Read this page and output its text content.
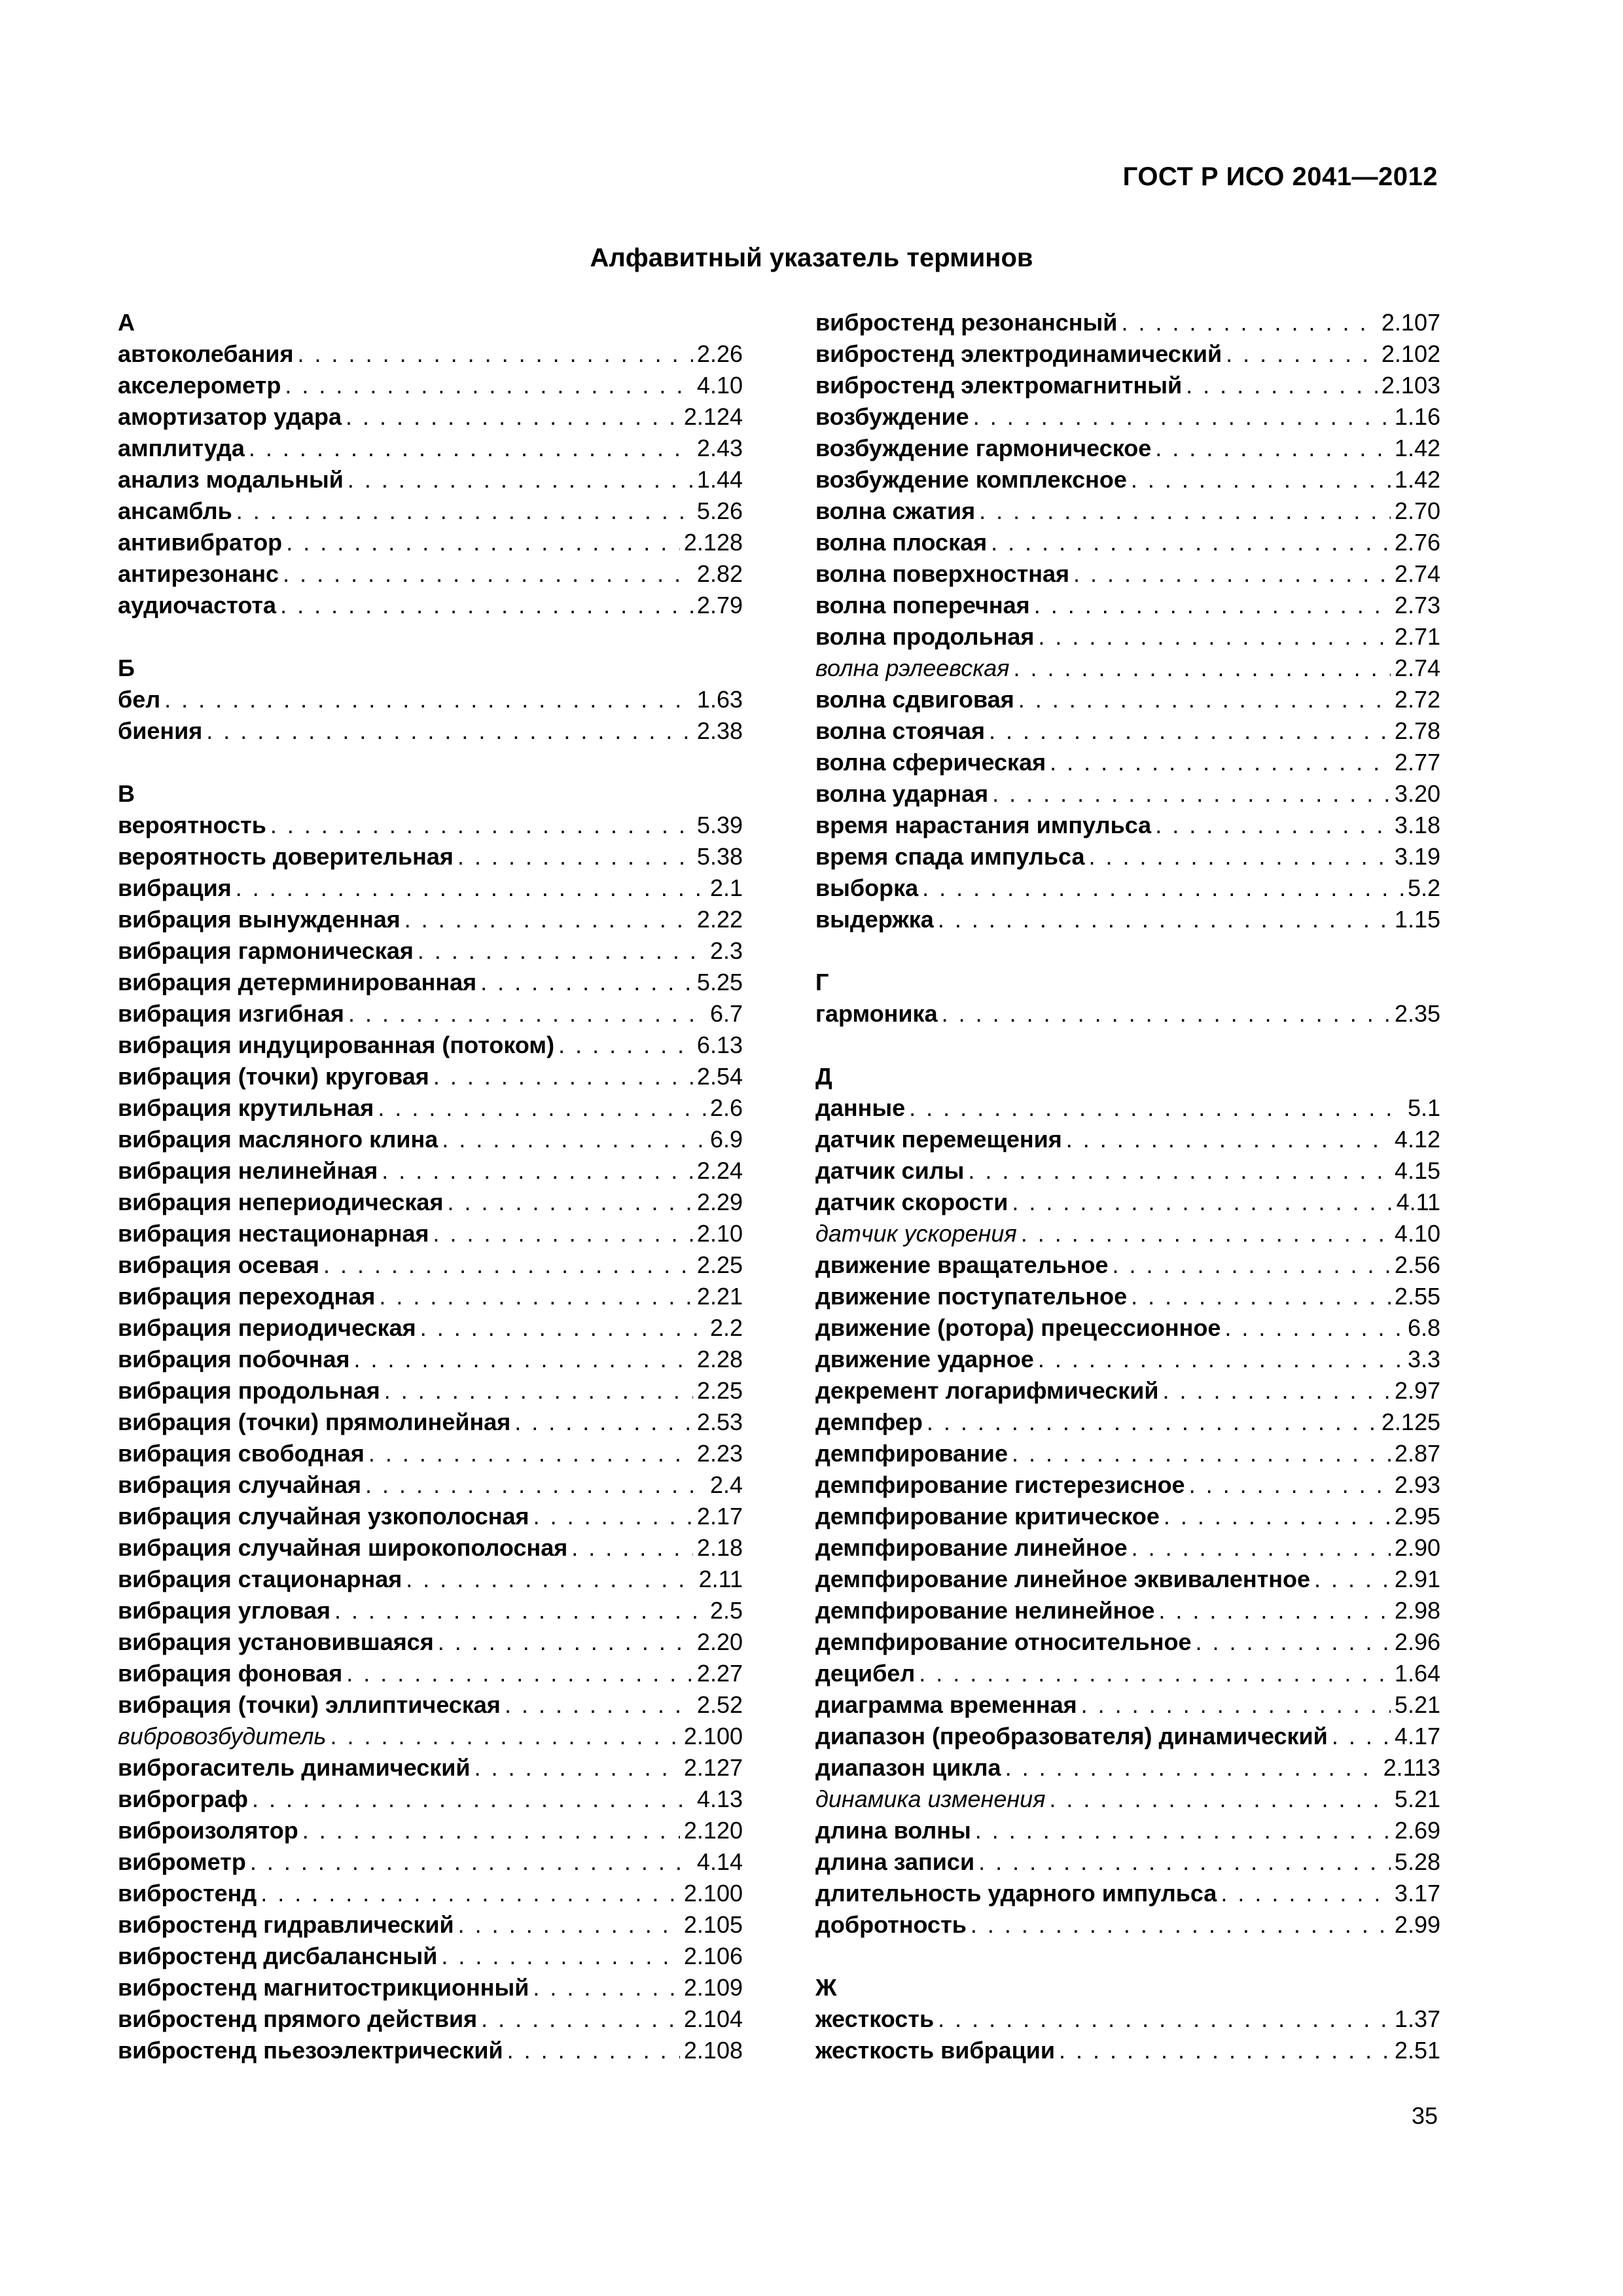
ГОСТ Р ИСО 2041—2012
Алфавитный указатель терминов
А
автоколебания . . .	2.26
акселерометр . . .	4.10
амортизатор удара . . .	2.124
амплитуда . . .	2.43
анализ модальный . . .	1.44
ансамбль . . .	5.26
антивибратор . . .	2.128
антирезонанс . . .	2.82
аудиочастота . . .	2.79
Б
бел . . .	1.63
биения . . .	2.38
В
вероятность . . .	5.39
вероятность доверительная . . .	5.38
вибрация . . .	2.1
вибрация вынужденная . . .	2.22
вибрация гармоническая . . .	2.3
вибрация детерминированная . . .	5.25
вибрация изгибная . . .	6.7
вибрация индуцированная (потоком) . . .	6.13
вибрация (точки) круговая . . .	2.54
вибрация крутильная . . .	2.6
вибрация масляного клина . . .	6.9
вибрация нелинейная . . .	2.24
вибрация непериодическая . . .	2.29
вибрация нестационарная . . .	2.10
вибрация осевая . . .	2.25
вибрация переходная . . .	2.21
вибрация периодическая . . .	2.2
вибрация побочная . . .	2.28
вибрация продольная . . .	2.25
вибрация (точки) прямолинейная . . .	2.53
вибрация свободная . . .	2.23
вибрация случайная . . .	2.4
вибрация случайная узкополосная . . .	2.17
вибрация случайная широкополосная . . .	2.18
вибрация стационарная . . .	2.11
вибрация угловая . . .	2.5
вибрация установившаяся . . .	2.20
вибрация фоновая . . .	2.27
вибрация (точки) эллиптическая . . .	2.52
вибровозбудитель . . .	2.100
виброгаситель динамический . . .	2.127
виброграф . . .	4.13
виброизолятор . . .	2.120
виброметр . . .	4.14
вибростенд . . .	2.100
вибростенд гидравлический . . .	2.105
вибростенд дисбалансный . . .	2.106
вибростенд магнитострикционный . . .	2.109
вибростенд прямого действия . . .	2.104
вибростенд пьезоэлектрический . . .	2.108
вибростенд резонансный . . .	2.107
вибростенд электродинамический . . .	2.102
вибростенд электромагнитный . . .	2.103
возбуждение . . .	1.16
возбуждение гармоническое . . .	1.42
возбуждение комплексное . . .	1.42
волна сжатия . . .	2.70
волна плоская . . .	2.76
волна поверхностная . . .	2.74
волна поперечная . . .	2.73
волна продольная . . .	2.71
волна рэлеевская . . .	2.74
волна сдвиговая . . .	2.72
волна стоячая . . .	2.78
волна сферическая . . .	2.77
волна ударная . . .	3.20
время нарастания импульса . . .	3.18
время спада импульса . . .	3.19
выборка . . .	5.2
выдержка . . .	1.15
Г
гармоника . . .	2.35
Д
данные . . .	5.1
датчик перемещения . . .	4.12
датчик силы . . .	4.15
датчик скорости . . .	4.11
датчик ускорения . . .	4.10
движение вращательное . . .	2.56
движение поступательное . . .	2.55
движение (ротора) прецессионное . . .	6.8
движение ударное . . .	3.3
декремент логарифмический . . .	2.97
демпфер . . .	2.125
демпфирование . . .	2.87
демпфирование гистерезисное . . .	2.93
демпфирование критическое . . .	2.95
демпфирование линейное . . .	2.90
демпфирование линейное эквивалентное . . .	2.91
демпфирование нелинейное . . .	2.98
демпфирование относительное . . .	2.96
децибел . . .	1.64
диаграмма временная . . .	5.21
диапазон (преобразователя) динамический . . .	4.17
диапазон цикла . . .	2.113
динамика изменения . . .	5.21
длина волны . . .	2.69
длина записи . . .	5.28
длительность ударного импульса . . .	3.17
добротность . . .	2.99
Ж
жесткость . . .	1.37
жесткость вибрации . . .	2.51
35
